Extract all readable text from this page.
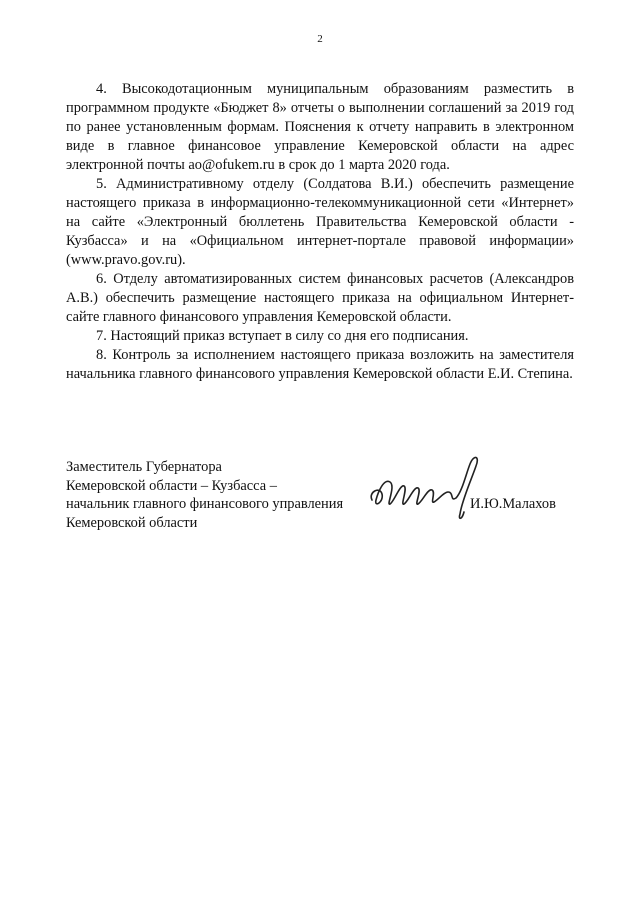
2

4. Высокодотационным муниципальным образованиям разместить в программном продукте «Бюджет 8» отчеты о выполнении соглашений за 2019 год по ранее установленным формам. Пояснения к отчету направить в электронном виде в главное финансовое управление Кемеровской области на адрес электронной почты ao@ofukem.ru в срок до 1 марта 2020 года.

5. Административному отделу (Солдатова В.И.) обеспечить размещение настоящего приказа в информационно-телекоммуникационной сети «Интернет» на сайте «Электронный бюллетень Правительства Кемеровской области - Кузбасса» и на «Официальном интернет-портале правовой информации» (www.pravo.gov.ru).

6. Отделу автоматизированных систем финансовых расчетов (Александров А.В.) обеспечить размещение настоящего приказа на официальном Интернет-сайте главного финансового управления Кемеровской области.

7. Настоящий приказ вступает в силу со дня его подписания.

8. Контроль за исполнением настоящего приказа возложить на заместителя начальника главного финансового управления Кемеровской области Е.И. Степина.

Заместитель Губернатора
Кемеровской области – Кузбасса –
начальник главного финансового управления
Кемеровской области
И.Ю.Малахов
